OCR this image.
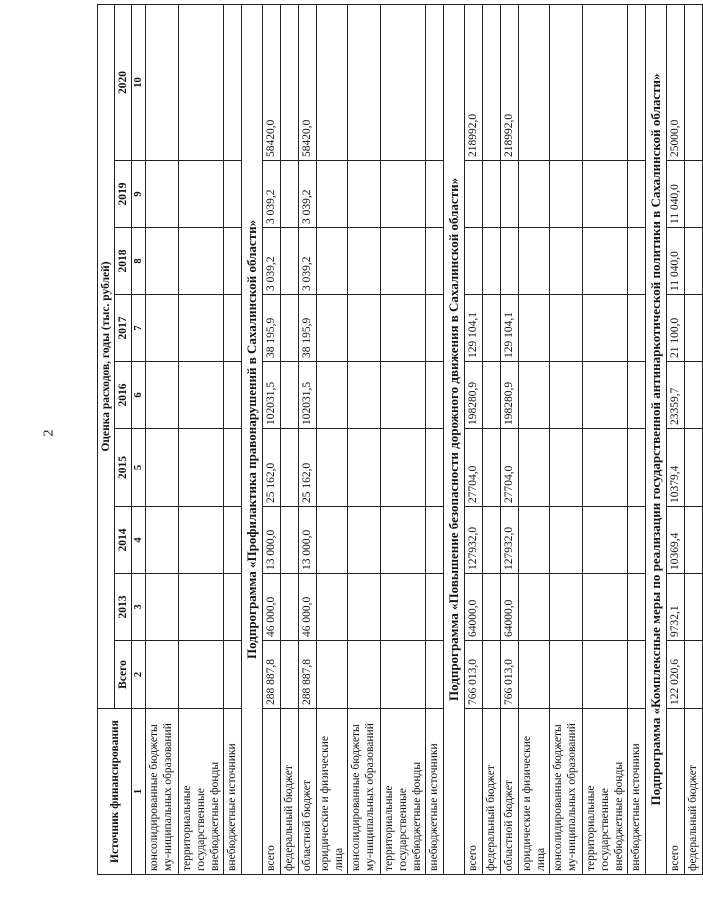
2
Источник финансирования	Оценка расходов, годы (тыс. рублей)								
	Всего	2013	2014	2015	2016	2017	2018	2019	2020
1	2	3	4	5	6	7	8	9	10
консолидированные бюджеты му-ниципальных образований									
территориальные государственные внебюджетные фонды									
внебюджетные источники									
Подпрограмма «Профилактика правонарушений в Сахалинской области»									
всего	288 887,8	46 000,0	13 000,0	25 162,0	102031,5	38 195,9	3 039,2	3 039,2	58420,0
федеральный бюджет									
областной бюджет	288 887,8	46 000,0	13 000,0	25 162,0	102031,5	38 195,9	3 039,2	3 039,2	58420,0
юридические и физические лица									
консолидированные бюджеты му-ниципальных образований									
территориальные государственные внебюджетные фонды									
внебюджетные источники									
Подпрограмма «Повышение безопасности дорожного движения в Сахалинской области»									
всего	766 013,0	64000,0	127932,0	27704,0	198280,9	129 104,1			218992,0
федеральный бюджет									
областной бюджет	766 013,0	64000,0	127932,0	27704,0	198280,9	129 104,1			218992,0
юридические и физические лица									
консолидированные бюджеты му-ниципальных образований									
территориальные государственные внебюджетные фонды									
внебюджетные источники									
Подпрограмма «Комплексные меры по реализации государственной антинаркотической политики в Сахалинской области»									
всего	122 020,6	9732,1	10369,4	10379,4	23359,7	21 100,0	11 040,0	11 040,0	25000,0
федеральный бюджет									
